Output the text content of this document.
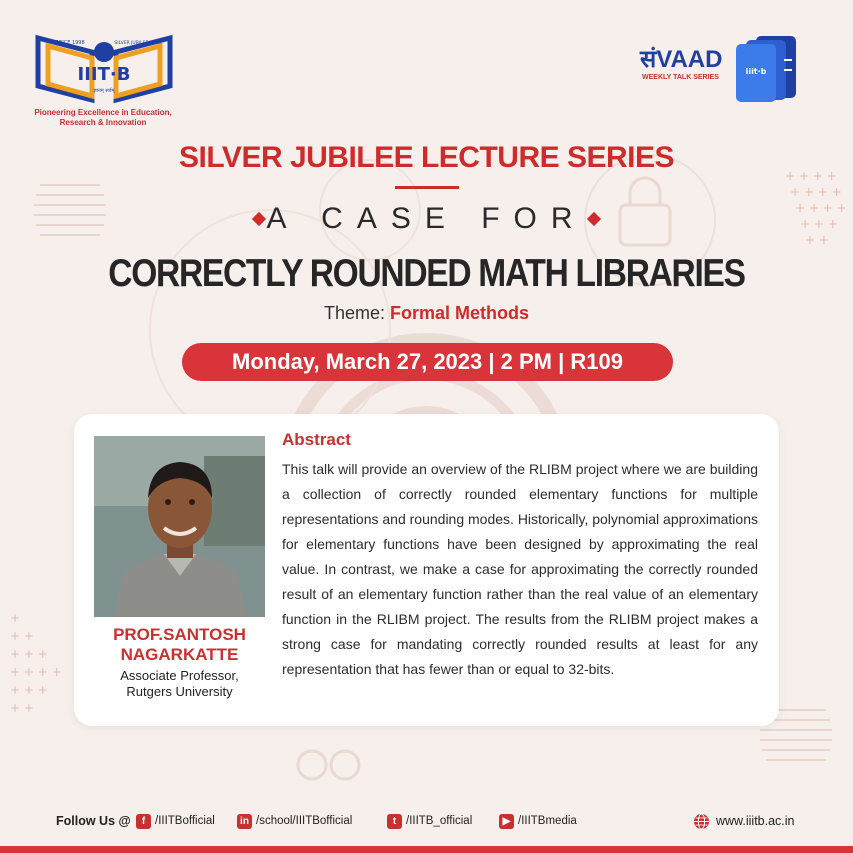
+ + + +
+ + + +
+ + + +
+ + +
+ +
+
+ +
+ + +
+ + + +
+ + +
+ +
IIIT·B
SINCE 1998	SILVER JUBILEE YEAR
ज्ञानम् सर्वम्
Pioneering Excellence in Education,
Research & Innovation
संVAAD
WEEKLY TALK SERIES
iiit·b
SILVER JUBILEE LECTURE SERIES
A CASE FOR
CORRECTLY ROUNDED MATH LIBRARIES
Theme: Formal Methods
Monday, March 27, 2023 | 2 PM | R109
PROF.SANTOSH
NAGARKATTE
Associate Professor,
Rutgers University
Abstract
This talk will provide an overview of the RLIBM project where we are building a collection of correctly rounded elementary functions for multiple representations and rounding modes. Historically, polynomial approximations for elementary functions have been designed by approximating the real value. In contrast, we make a case for approximating the correctly rounded result of an elementary function rather than the real value of an elementary function in the RLIBM project. The results from the RLIBM project makes a strong case for mandating correctly rounded results at least for any representation that has fewer than or equal to 32-bits.
Follow Us @	f /IIITBofficial	in /school/IIITBofficial	t /IIITB_official	▶ /IIITBmedia	www.iiitb.ac.in
